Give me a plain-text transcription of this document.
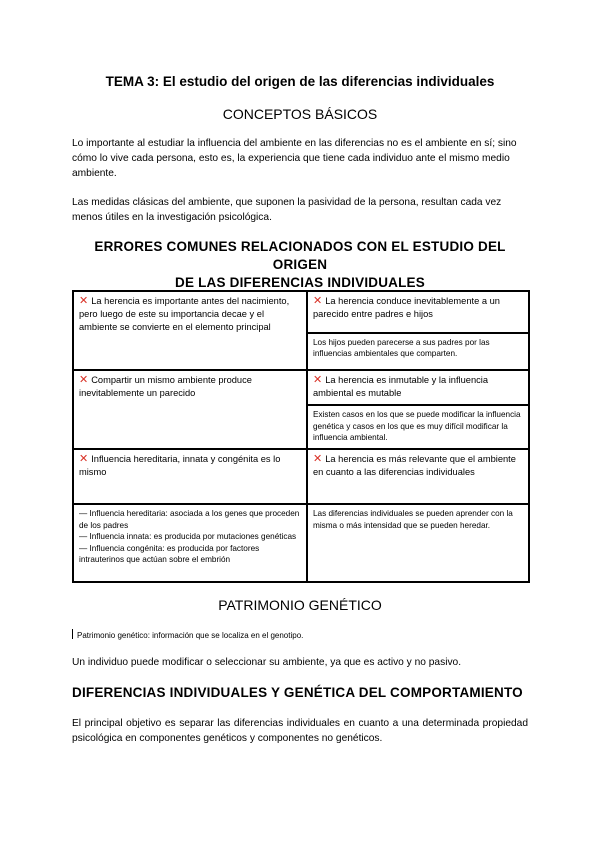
TEMA 3: El estudio del origen de las diferencias individuales
CONCEPTOS BÁSICOS
Lo importante al estudiar la influencia del ambiente en las diferencias no es el ambiente en sí; sino cómo lo vive cada persona, esto es, la experiencia que tiene cada individuo ante el mismo medio ambiente.
Las medidas clásicas del ambiente, que suponen la pasividad de la persona, resultan cada vez menos útiles en la investigación psicológica.
ERRORES COMUNES RELACIONADOS CON EL ESTUDIO DEL ORIGEN
DE LAS DIFERENCIAS INDIVIDUALES
✕ La herencia es importante antes del nacimiento, pero luego de este su importancia decae y el ambiente se convierte en el elemento principal	✕ La herencia conduce inevitablemente a un parecido entre padres e hijos
	Los hijos pueden parecerse a sus padres por las influencias ambientales que comparten.
✕ Compartir un mismo ambiente produce inevitablemente un parecido	✕ La herencia es inmutable y la influencia ambiental es mutable
	Existen casos en los que se puede modificar la influencia genética y casos en los que es muy difícil modificar la influencia ambiental.
✕ Influencia hereditaria, innata y congénita es lo mismo	✕ La herencia es más relevante que el ambiente en cuanto a las diferencias individuales

— Influencia hereditaria: asociada a los genes que proceden de los padres
— Influencia innata: es producida por mutaciones genéticas
— Influencia congénita: es producida por factores intrauterinos que actúan sobre el embrión	Las diferencias individuales se pueden aprender con la misma o más intensidad que se pueden heredar.
PATRIMONIO GENÉTICO
Patrimonio genético: información que se localiza en el genotipo.
Un individuo puede modificar o seleccionar su ambiente, ya que es activo y no pasivo.
DIFERENCIAS INDIVIDUALES Y GENÉTICA DEL COMPORTAMIENTO
El principal objetivo es separar las diferencias individuales en cuanto a una determinada propiedad psicológica en componentes genéticos y componentes no genéticos.
